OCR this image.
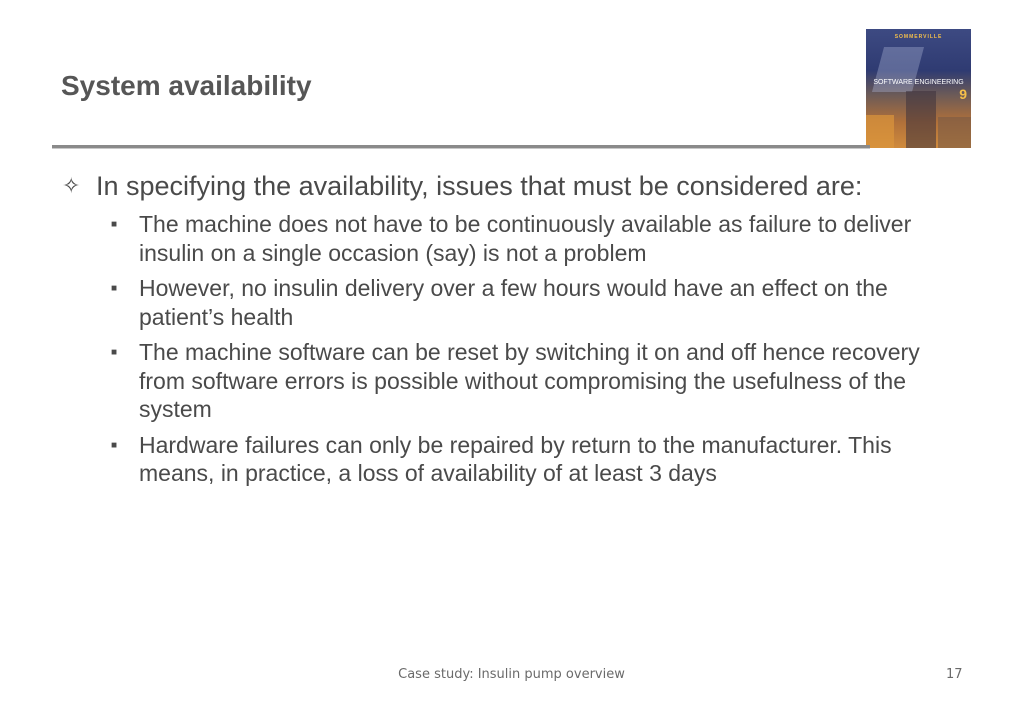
System availability
SOMMERVILLE
SOFTWARE ENGINEERING
9
✧ In specifying the availability, issues that must be considered are:
■ The machine does not have to be continuously available as failure to deliver insulin on a single occasion (say) is not a problem
■ However, no insulin delivery over a few hours would have an effect on the patient’s health
■ The machine software can be reset by switching it on and off hence recovery from software errors is possible without compromising the usefulness of the system
■ Hardware failures can only be repaired by return to the manufacturer. This means, in practice, a loss of availability of at least 3 days
Case study: Insulin pump overview	17
